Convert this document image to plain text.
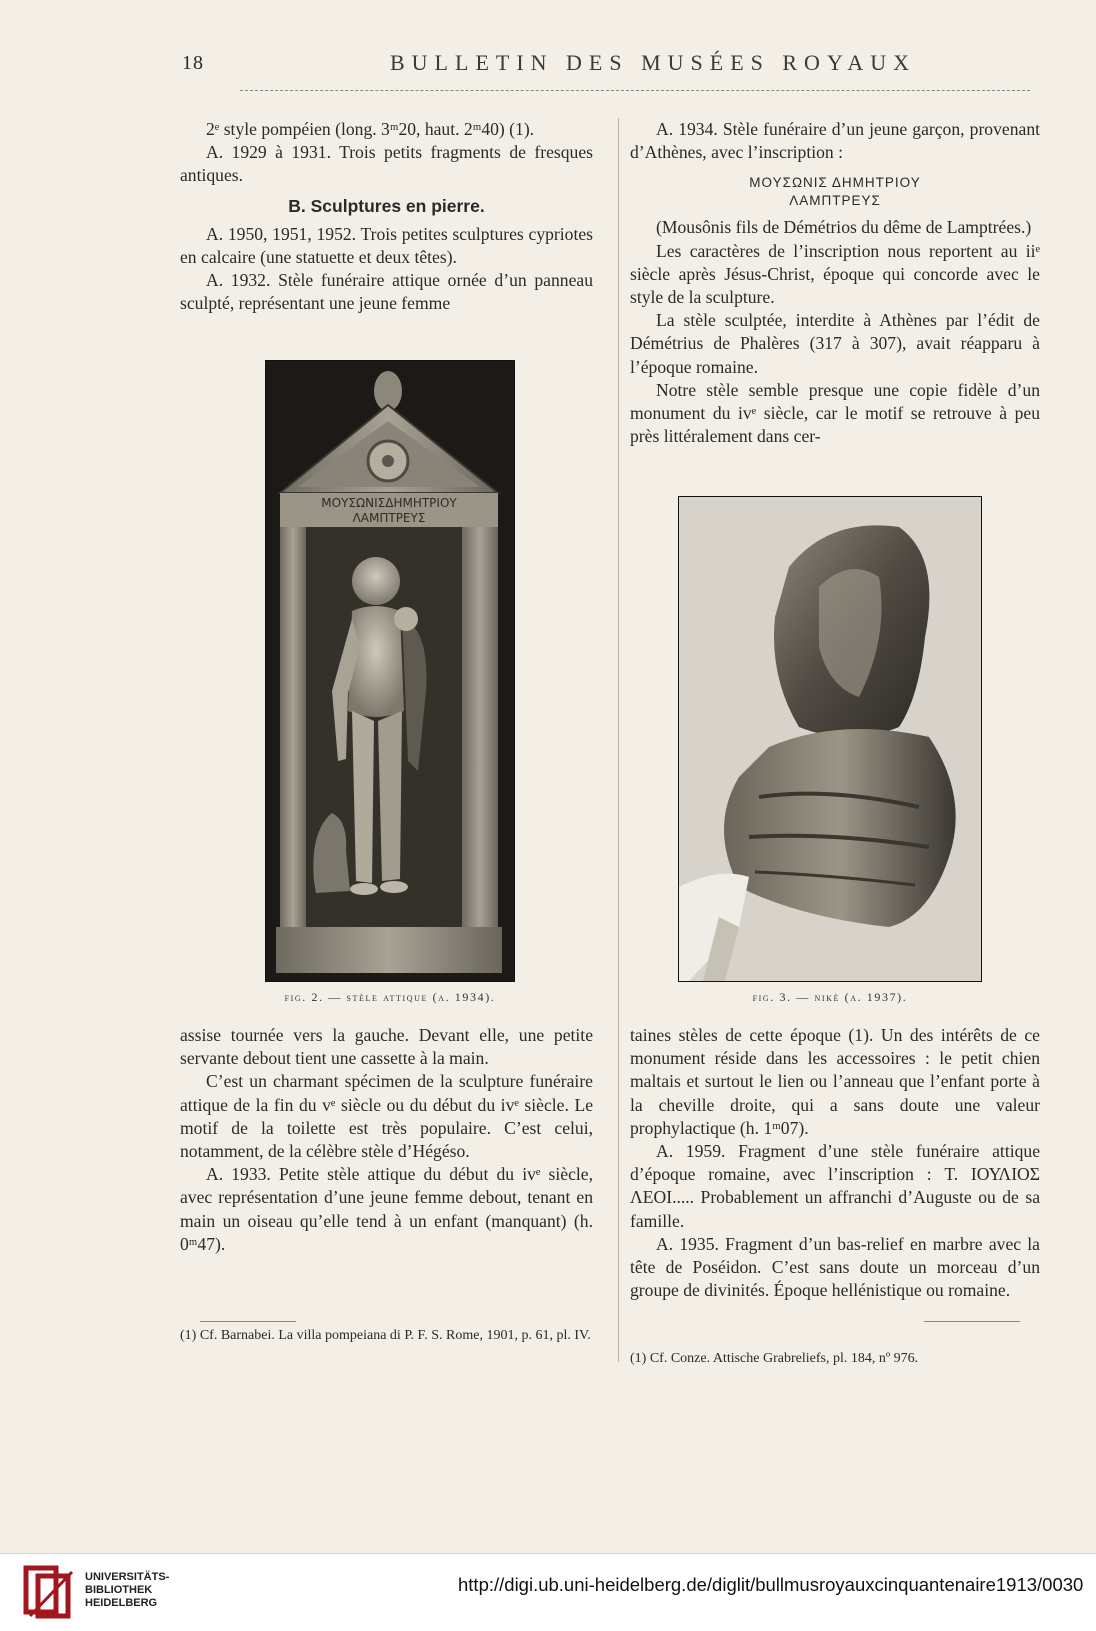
18	BULLETIN DES MUSÉES ROYAUX

2ᵉ style pompéien (long. 3ᵐ20, haut. 2ᵐ40) (1).

A. 1929 à 1931. Trois petits fragments de fresques antiques.

B. Sculptures en pierre.

A. 1950, 1951, 1952. Trois petites sculptures cypriotes en calcaire (une statuette et deux têtes).

A. 1932. Stèle funéraire attique ornée d’un panneau sculpté, représentant une jeune femme

A. 1934. Stèle funéraire d’un jeune garçon, provenant d’Athènes, avec l’inscription :

ΜΟΥΣΩΝΙΣ ΔΗΜΗΤΡΙΟΥ
ΛΑΜΠΤΡΕΥΣ

(Mousônis fils de Démétrios du dême de Lamptrées.)

Les caractères de l’inscription nous reportent au iiᵉ siècle après Jésus-Christ, époque qui concorde avec le style de la sculpture.

La stèle sculptée, interdite à Athènes par l’édit de Démétrius de Phalères (317 à 307), avait réapparu à l’époque romaine.

Notre stèle semble presque une copie fidèle d’un monument du ivᵉ siècle, car le motif se retrouve à peu près littéralement dans cer-

ΜΟΥΣΩΝΙΣΔΗΜΗΤΡΙΟΥ
ΛΑΜΠΤΡΕΥΣ
fig. 2. — stèle attique (a. 1934).	fig. 3. — nikè (a. 1937).

assise tournée vers la gauche. Devant elle, une petite servante debout tient une cassette à la main.

C’est un charmant spécimen de la sculpture funéraire attique de la fin du vᵉ siècle ou du début du ivᵉ siècle. Le motif de la toilette est très populaire. C’est celui, notamment, de la célèbre stèle d’Hégéso.

A. 1933. Petite stèle attique du début du ivᵉ siècle, avec représentation d’une jeune femme debout, tenant en main un oiseau qu’elle tend à un enfant (manquant) (h. 0ᵐ47).

taines stèles de cette époque (1). Un des intérêts de ce monument réside dans les accessoires : le petit chien maltais et surtout le lien ou l’anneau que l’enfant porte à la cheville droite, qui a sans doute une valeur prophylactique (h. 1ᵐ07).

A. 1959. Fragment d’une stèle funéraire attique d’époque romaine, avec l’inscription : Τ. ΙΟΥΛΙΟΣ ΛΕΟΙ..... Probablement un affranchi d’Auguste ou de sa famille.

A. 1935. Fragment d’un bas-relief en marbre avec la tête de Poséidon. C’est sans doute un morceau d’un groupe de divinités. Époque hellénistique ou romaine.

(1) Cf. Barnabei. La villa pompeiana di P. F. S. Rome, 1901, p. 61, pl. IV.

(1) Cf. Conze. Attische Grabreliefs, pl. 184, nº 976.

UNIVERSITÄTS-
BIBLIOTHEK
HEIDELBERG
http://digi.ub.uni-heidelberg.de/diglit/bullmusroyauxcinquantenaire1913/0030
